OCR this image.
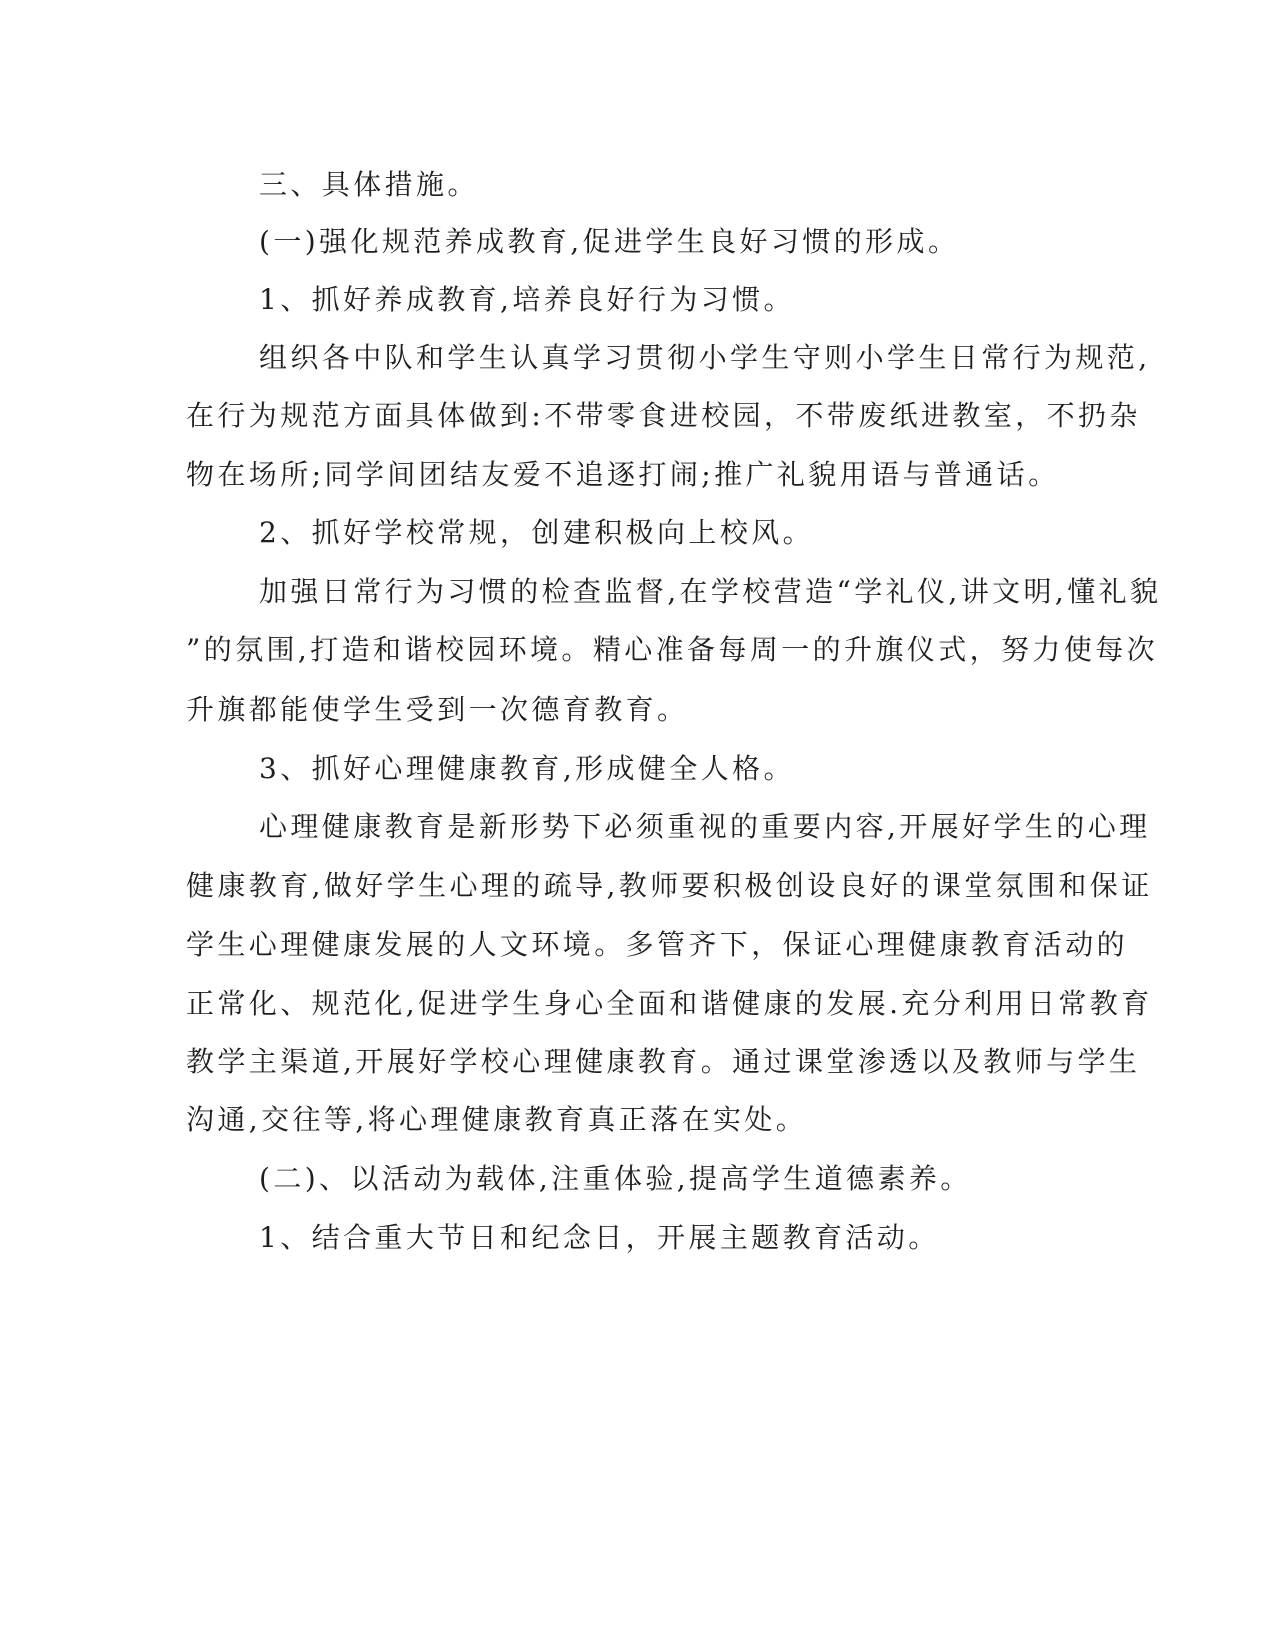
三、具体措施。
(一)强化规范养成教育,促进学生良好习惯的形成。
1、抓好养成教育,培养良好行为习惯。
组织各中队和学生认真学习贯彻小学生守则小学生日常行为规范,
在行为规范方面具体做到:不带零食进校园，不带废纸进教室，不扔杂
物在场所;同学间团结友爱不追逐打闹;推广礼貌用语与普通话。
2、抓好学校常规，创建积极向上校风。
加强日常行为习惯的检查监督,在学校营造“学礼仪,讲文明,懂礼貌
”的氛围,打造和谐校园环境。精心准备每周一的升旗仪式，努力使每次
升旗都能使学生受到一次德育教育。
3、抓好心理健康教育,形成健全人格。
心理健康教育是新形势下必须重视的重要内容,开展好学生的心理
健康教育,做好学生心理的疏导,教师要积极创设良好的课堂氛围和保证
学生心理健康发展的人文环境。多管齐下，保证心理健康教育活动的
正常化、规范化,促进学生身心全面和谐健康的发展.充分利用日常教育
教学主渠道,开展好学校心理健康教育。通过课堂渗透以及教师与学生
沟通,交往等,将心理健康教育真正落在实处。
(二)、以活动为载体,注重体验,提高学生道德素养。
1、结合重大节日和纪念日，开展主题教育活动。
